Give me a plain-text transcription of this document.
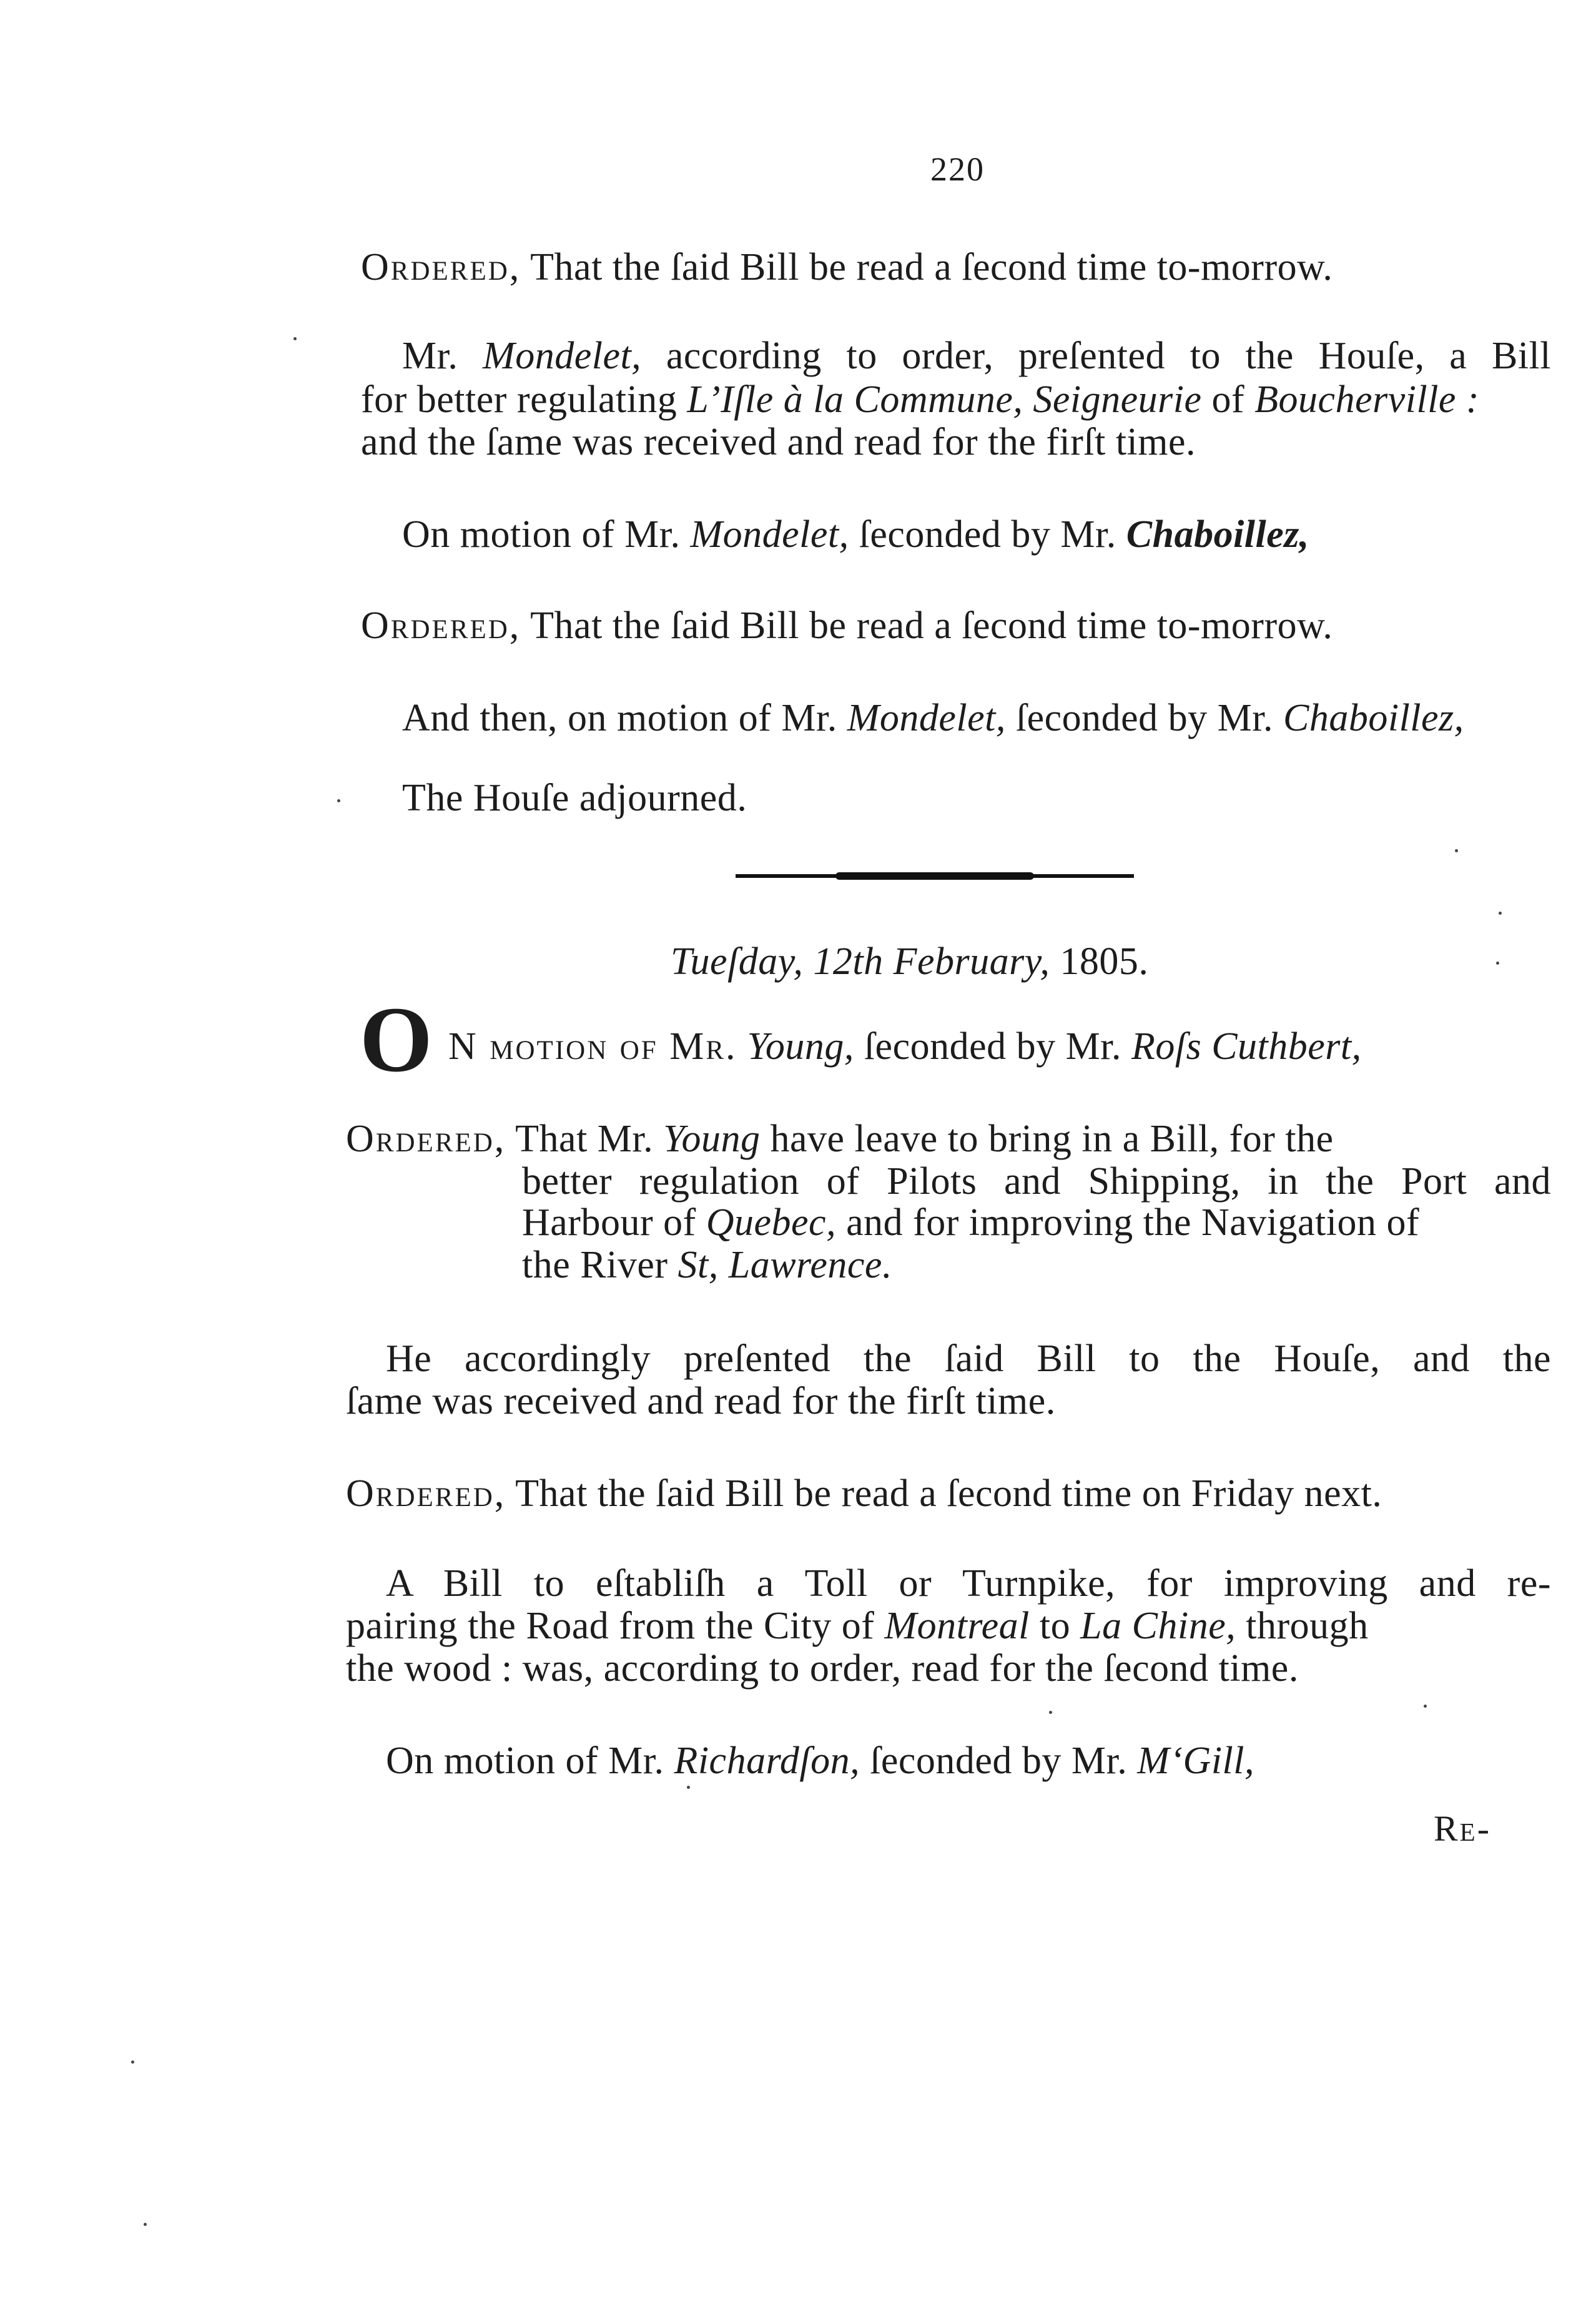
220
Ordered, That the ſaid Bill be read a ſecond time to-morrow.
Mr. Mondelet, according to order, preſented to the Houſe, a Bill
for better regulating L’Iſle à la Commune, Seigneurie of Boucherville :
and the ſame was received and read for the firſt time.
On motion of Mr. Mondelet, ſeconded by Mr. Chaboillez,
Ordered, That the ſaid Bill be read a ſecond time to-morrow.
And then, on motion of Mr. Mondelet, ſeconded by Mr. Chaboillez,
The Houſe adjourned.
Tueſday, 12th February, 1805.
O N motion of Mr. Young, ſeconded by Mr. Roſs Cuthbert,
Ordered, That Mr. Young have leave to bring in a Bill, for the
better regulation of Pilots and Shipping, in the Port and
Harbour of Quebec, and for improving the Navigation of
the River St, Lawrence.
He accordingly preſented the ſaid Bill to the Houſe, and the
ſame was received and read for the firſt time.
Ordered, That the ſaid Bill be read a ſecond time on Friday next.
A Bill to eſtabliſh a Toll or Turnpike, for improving and re-
pairing the Road from the City of Montreal to La Chine, through
the wood : was, according to order, read for the ſecond time.
On motion of Mr. Richardſon, ſeconded by Mr. M‘Gill,
Re-
